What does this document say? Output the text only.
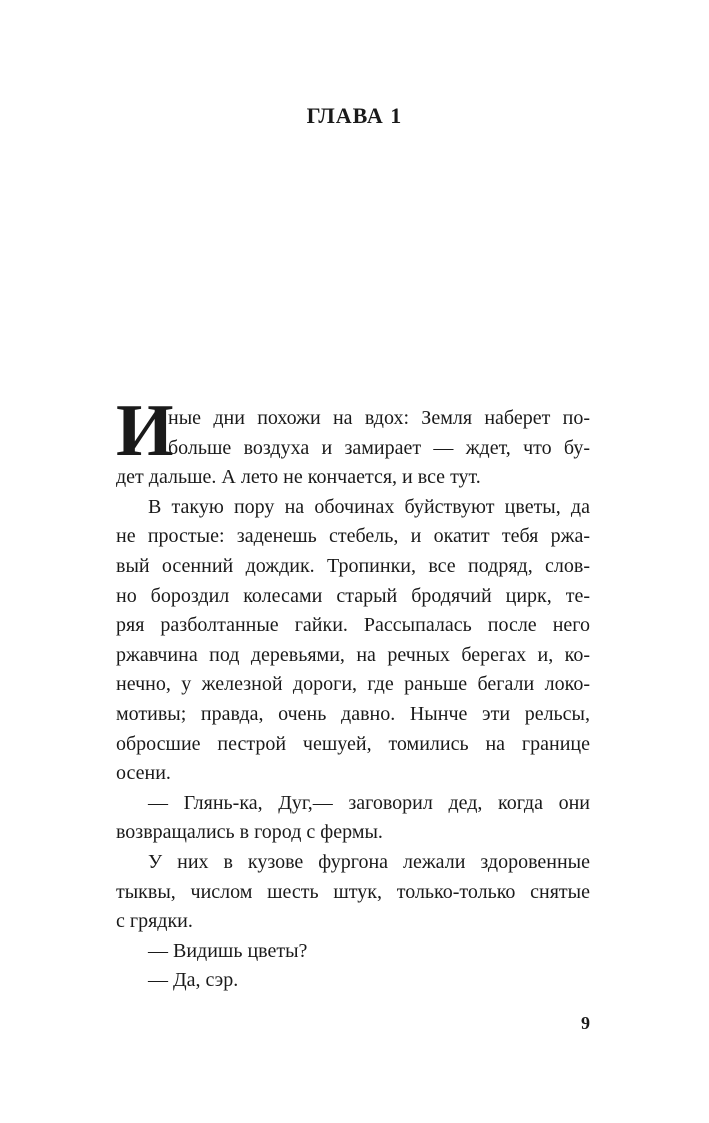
ГЛАВА 1
И
ные дни похожи на вдох: Земля наберет по-
больше воздуха и замирает — ждет, что бу-
дет дальше. А лето не кончается, и все тут.
В такую пору на обочинах буйствуют цветы, да
не простые: заденешь стебель, и окатит тебя ржа-
вый осенний дождик. Тропинки, все подряд, слов-
но бороздил колесами старый бродячий цирк, те-
ряя разболтанные гайки. Рассыпалась после него
ржавчина под деревьями, на речных берегах и, ко-
нечно, у железной дороги, где раньше бегали локо-
мотивы; правда, очень давно. Нынче эти рельсы,
обросшие пестрой чешуей, томились на границе
осени.
— Глянь-ка, Дуг,— заговорил дед, когда они
возвращались в город с фермы.
У них в кузове фургона лежали здоровенные
тыквы, числом шесть штук, только-только снятые
с грядки.
— Видишь цветы?
— Да, сэр.

9
